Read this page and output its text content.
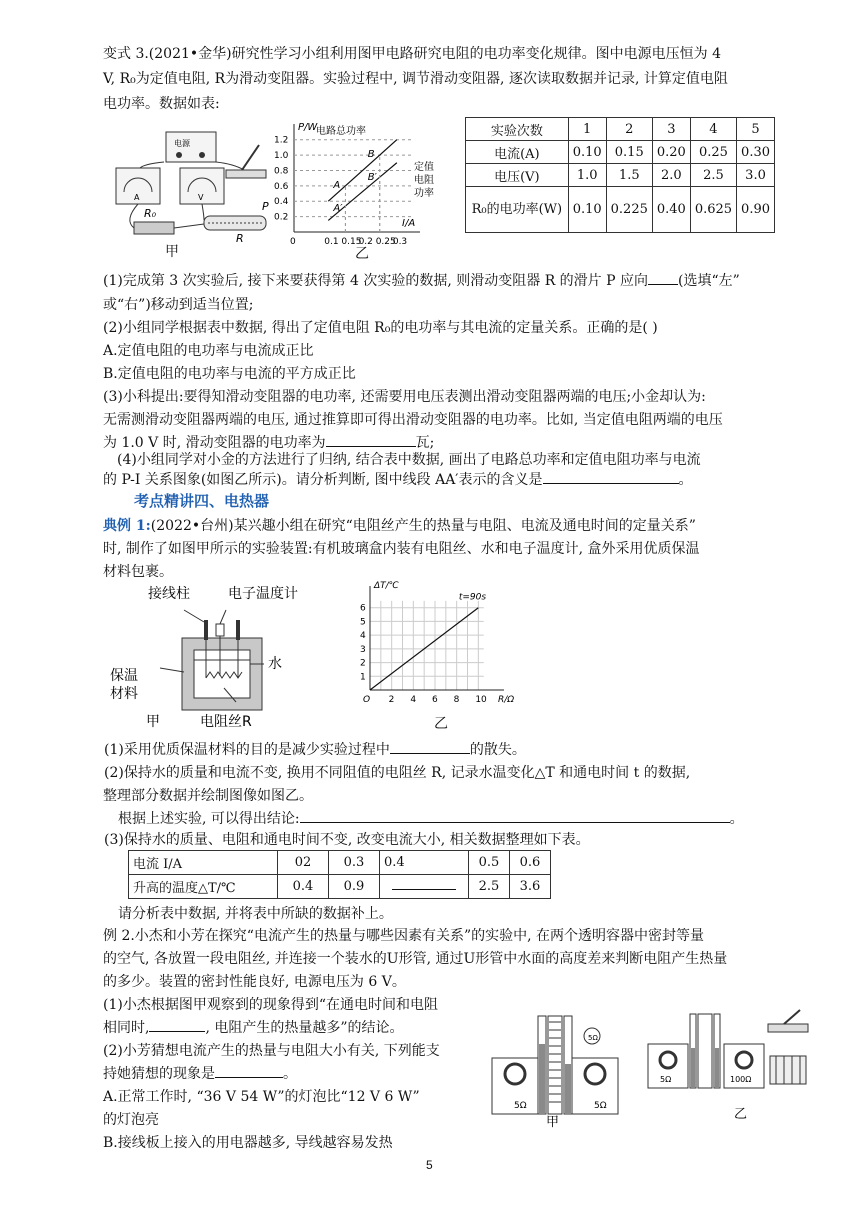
变式 3.(2021•金华)研究性学习小组利用图甲电路研究电阻的电功率变化规律。图中电源电压恒为 4
V, R₀为定值电阻, R为滑动变阻器。实验过程中, 调节滑动变阻器, 逐次读取数据并记录, 计算定值电阻
电功率。数据如表:
电源
A	V
R₀
R
P
甲
0	0.1 0.15
0.2 0.25
0.3
0.2
0.4
0.6
0.8
1.0
1.2
P/W
I/A
电路总功率
定值
电阻
功率
A
A′
B
B′
乙
实验次数	1	2	3	4	5
电流(A)	0.10	0.15	0.20	0.25	0.30
电压(V)	1.0	1.5	2.0	2.5	3.0
R₀的电功率(W)	0.10	0.225	0.40	0.625	0.90
(1)完成第 3 次实验后, 接下来要获得第 4 次实验的数据, 则滑动变阻器 R 的滑片 P 应向 (选填“左”
或“右”)移动到适当位置;
(2)小组同学根据表中数据, 得出了定值电阻 R₀的电功率与其电流的定量关系。正确的是( )
A.定值电阻的电功率与电流成正比
B.定值电阻的电功率与电流的平方成正比
(3)小科提出:要得知滑动变阻器的电功率, 还需要用电压表测出滑动变阻器两端的电压;小金却认为:
无需测滑动变阻器两端的电压, 通过推算即可得出滑动变阻器的电功率。比如, 当定值电阻两端的电压
为 1.0 V 时, 滑动变阻器的电功率为	瓦;
(4)小组同学对小金的方法进行了归纳, 结合表中数据, 画出了电路总功率和定值电阻功率与电流
的 P-I 关系图象(如图乙所示)。请分析判断, 图中线段 AA′表示的含义是	。
考点精讲四、电热器
典例 1:(2022•台州)某兴趣小组在研究“电阻丝产生的热量与电阻、电流及通电时间的定量关系”
时, 制作了如图甲所示的实验装置:有机玻璃盒内装有电阻丝、水和电子温度计, 盒外采用优质保温
材料包裹。
接线柱	电子温度计
水
保温
材料
甲	电阻丝R
O 2 4 6 8 10
1
2
3
4
5
6
ΔT/℃
R/Ω
t=90s
乙
(1)采用优质保温材料的目的是减少实验过程中	的散失。
(2)保持水的质量和电流不变, 换用不同阻值的电阻丝 R, 记录水温变化△T 和通电时间 t 的数据,
整理部分数据并绘制图像如图乙。
根据上述实验, 可以得出结论:	。
(3)保持水的质量、电阻和通电时间不变, 改变电流大小, 相关数据整理如下表。
电流 I/A	02	0.3	0.4	0.5	0.6
升高的温度△T/℃	0.4	0.9		2.5	3.6
请分析表中数据, 并将表中所缺的数据补上。
例 2.小杰和小芳在探究“电流产生的热量与哪些因素有关系”的实验中, 在两个透明容器中密封等量
的空气, 各放置一段电阻丝, 并连接一个装水的U形管, 通过U形管中水面的高度差来判断电阻产生热量
的多少。装置的密封性能良好, 电源电压为 6 V。
(1)小杰根据图甲观察到的现象得到“在通电时间和电阻
相同时,	, 电阻产生的热量越多”的结论。
(2)小芳猜想电流产生的热量与电阻大小有关, 下列能支
持她猜想的现象是	。
A.正常工作时, “36 V 54 W”的灯泡比“12 V 6 W”
的灯泡亮
B.接线板上接入的用电器越多, 导线越容易发热
5Ω	5Ω
5Ω
甲
5Ω	100Ω
乙
5
